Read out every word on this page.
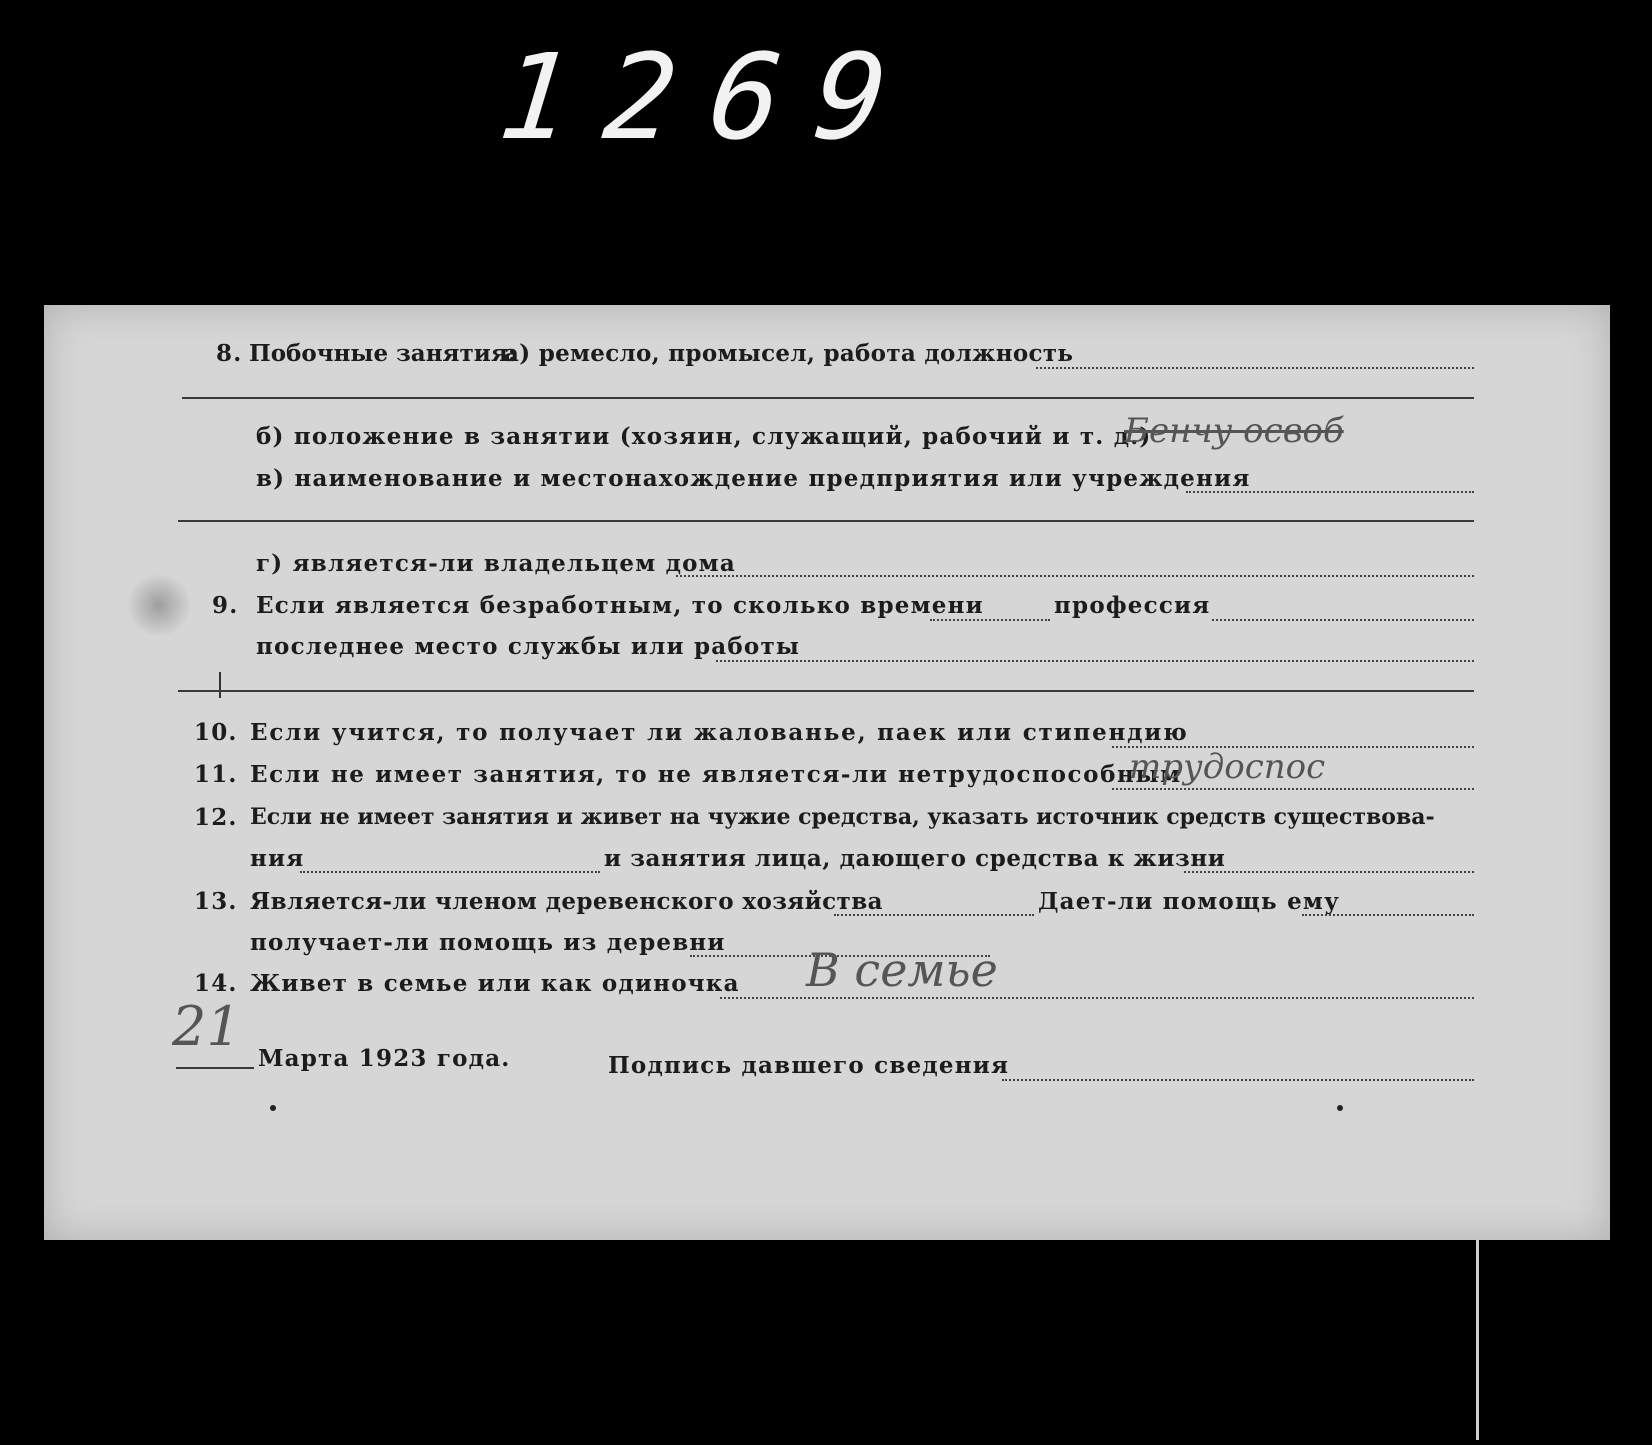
1269
8. Побочные занятия:
а) ремесло, промысел, работа должность
б) положение в занятии (хозяин, служащий, рабочий и т. д.)
Бенчу освоб
в) наименование и местонахождение предприятия или учреждения
г) является-ли владельцем дома
9. Если является безработным, то сколько времени	профессия
последнее место службы или работы
10. Если учится, то получает ли жалованье, паек или стипендию
11. Если не имеет занятия, то не является-ли нетрудоспособным
трудоспос
12. Если не имеет занятия и живет на чужие средства, указать источник средств существова-
ния	и занятия лица, дающего средства к жизни
13. Является-ли членом деревенского хозяйства	Дает-ли помощь ему
получает-ли помощь из деревни
14. Живет в семье или как одиночка В семье
21
Марта 1923 года.	Подпись давшего сведения
